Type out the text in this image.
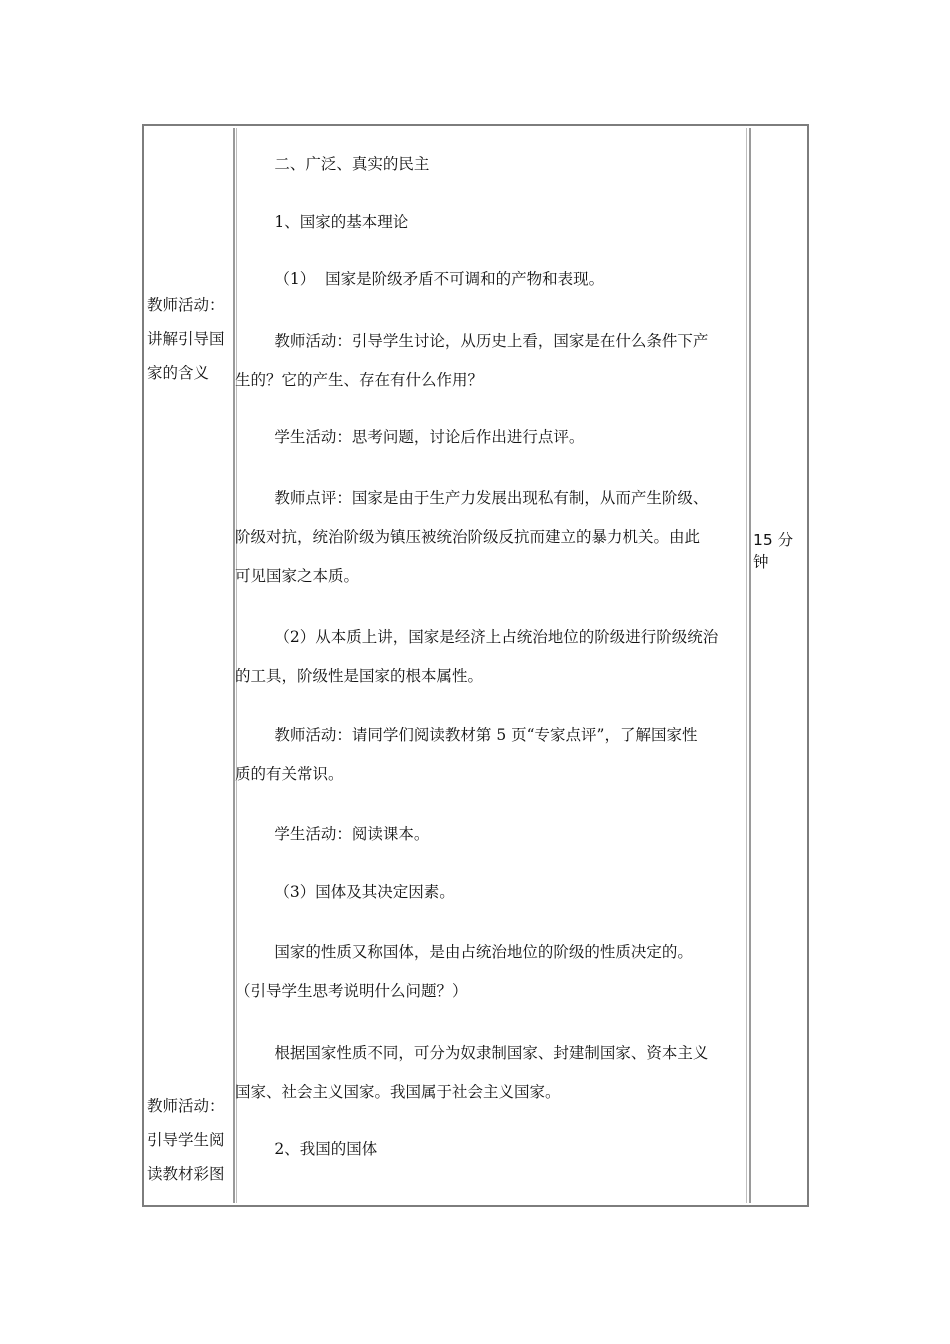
教师活动：
讲解引导国
家的含义
教师活动：
引导学生阅
读教材彩图
二、广泛、真实的民主
1、国家的基本理论
（1）  国家是阶级矛盾不可调和的产物和表现。
教师活动：引导学生讨论，从历史上看，国家是在什么条件下产
生的？它的产生、存在有什么作用？
学生活动：思考问题，讨论后作出进行点评。
教师点评：国家是由于生产力发展出现私有制，从而产生阶级、
阶级对抗，统治阶级为镇压被统治阶级反抗而建立的暴力机关。由此
可见国家之本质。
（2）从本质上讲，国家是经济上占统治地位的阶级进行阶级统治
的工具，阶级性是国家的根本属性。
教师活动：请同学们阅读教材第 5 页“专家点评”，了解国家性
质的有关常识。
学生活动：阅读课本。
（3）国体及其决定因素。
国家的性质又称国体，是由占统治地位的阶级的性质决定的。
（引导学生思考说明什么问题？）
根据国家性质不同，可分为奴隶制国家、封建制国家、资本主义
国家、社会主义国家。我国属于社会主义国家。
2、我国的国体
15 分钟
